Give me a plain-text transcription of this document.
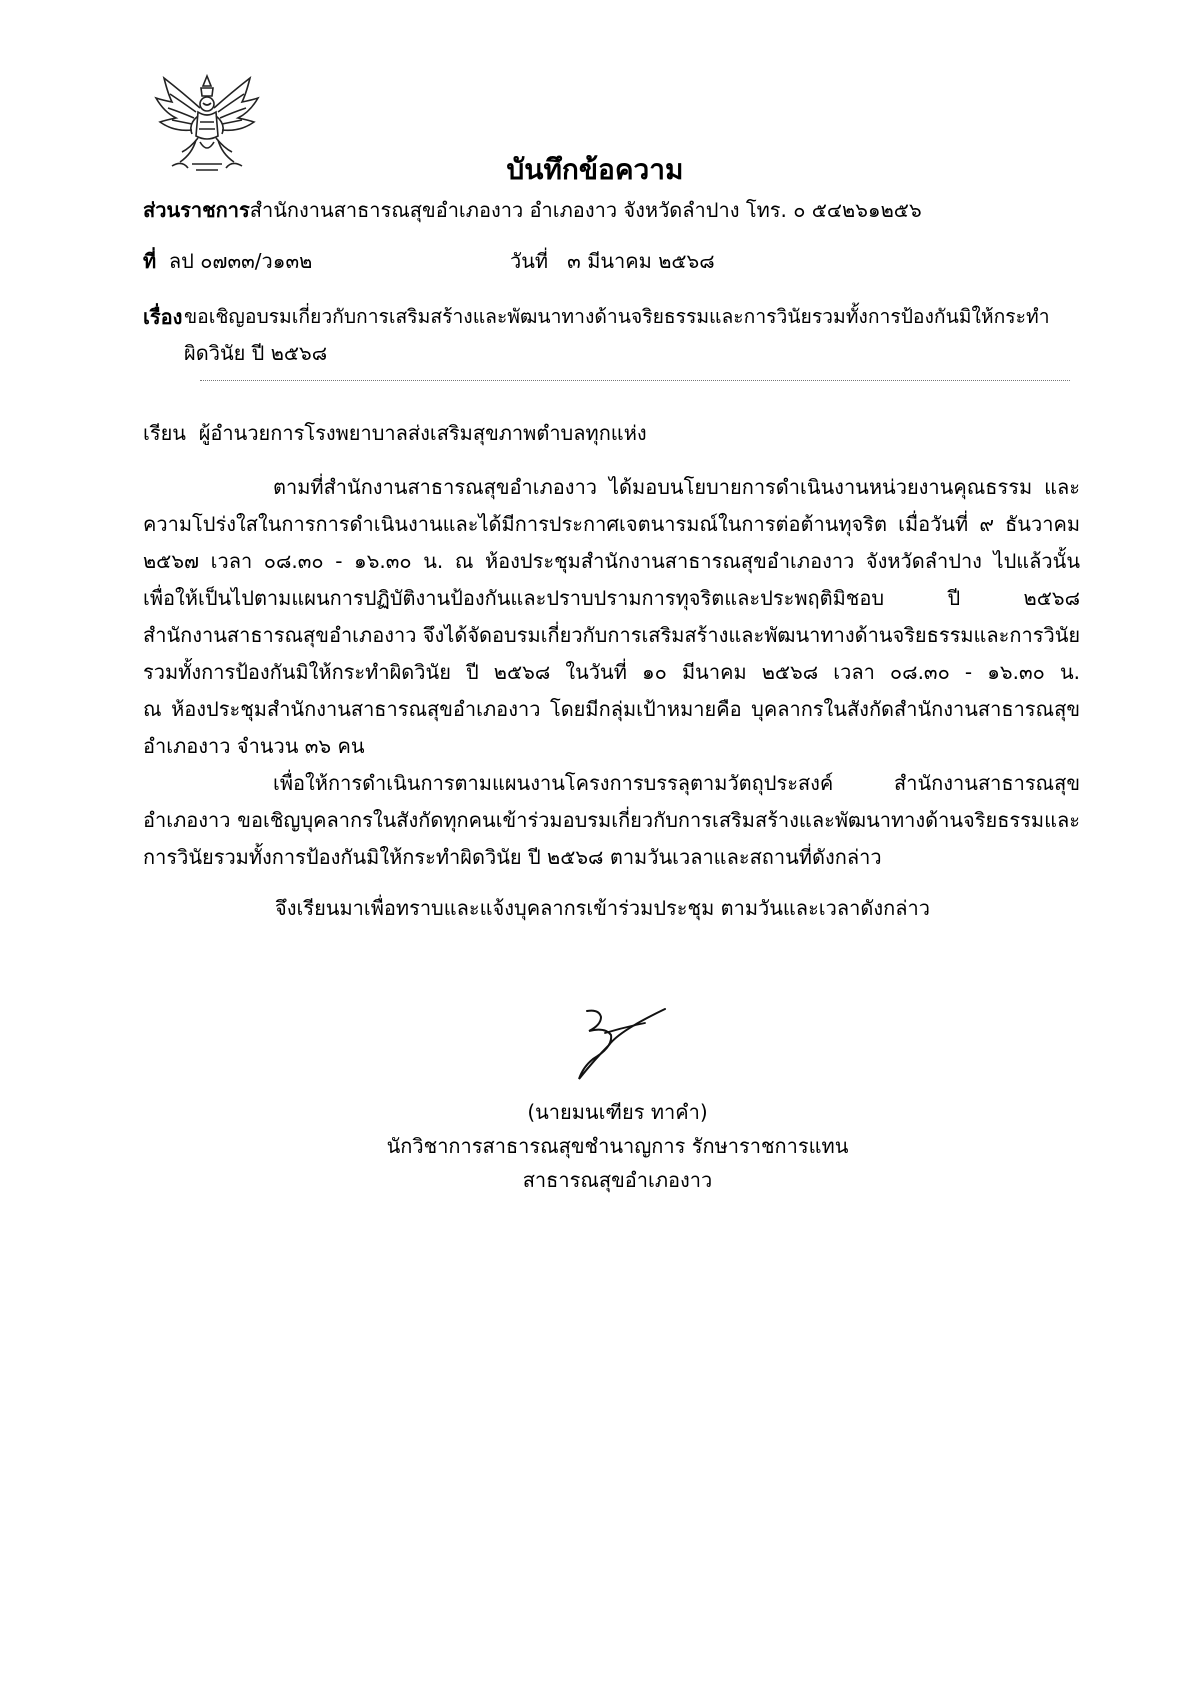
บันทึกข้อความ
ส่วนราชการสำนักงานสาธารณสุขอำเภองาว อำเภองาว จังหวัดลำปาง โทร. ๐ ๕๔๒๖๑๒๕๖
ที่ ลป ๐๗๓๓/ว๑๓๒	วันที่ ๓ มีนาคม ๒๕๖๘
เรื่อง ขอเชิญอบรมเกี่ยวกับการเสริมสร้างและพัฒนาทางด้านจริยธรรมและการวินัยรวมทั้งการป้องกันมิให้กระทำ
ผิดวินัย ปี ๒๕๖๘
เรียน ผู้อำนวยการโรงพยาบาลส่งเสริมสุขภาพตำบลทุกแห่ง
ตามที่สำนักงานสาธารณสุขอำเภองาว ได้มอบนโยบายการดำเนินงานหน่วยงานคุณธรรม และ
ความโปร่งใสในการการดำเนินงานและได้มีการประกาศเจตนารมณ์ในการต่อต้านทุจริต เมื่อวันที่ ๙ ธันวาคม
๒๕๖๗ เวลา ๐๘.๓๐ - ๑๖.๓๐ น. ณ ห้องประชุมสำนักงานสาธารณสุขอำเภองาว จังหวัดลำปาง ไปแล้วนั้น
เพื่อให้เป็นไปตามแผนการปฏิบัติงานป้องกันและปราบปรามการทุจริตและประพฤติมิชอบ ปี ๒๕๖๘
สำนักงานสาธารณสุขอำเภองาว จึงได้จัดอบรมเกี่ยวกับการเสริมสร้างและพัฒนาทางด้านจริยธรรมและการวินัย
รวมทั้งการป้องกันมิให้กระทำผิดวินัย ปี ๒๕๖๘ ในวันที่ ๑๐ มีนาคม ๒๕๖๘ เวลา ๐๘.๓๐ - ๑๖.๓๐ น.
ณ ห้องประชุมสำนักงานสาธารณสุขอำเภองาว โดยมีกลุ่มเป้าหมายคือ บุคลากรในสังกัดสำนักงานสาธารณสุข
อำเภองาว จำนวน ๓๖ คน
เพื่อให้การดำเนินการตามแผนงานโครงการบรรลุตามวัตถุประสงค์ สำนักงานสาธารณสุข
อำเภองาว ขอเชิญบุคลากรในสังกัดทุกคนเข้าร่วมอบรมเกี่ยวกับการเสริมสร้างและพัฒนาทางด้านจริยธรรมและ
การวินัยรวมทั้งการป้องกันมิให้กระทำผิดวินัย ปี ๒๕๖๘ ตามวันเวลาและสถานที่ดังกล่าว
จึงเรียนมาเพื่อทราบและแจ้งบุคลากรเข้าร่วมประชุม ตามวันและเวลาดังกล่าว
(นายมนเฑียร ทาคำ)
นักวิชาการสาธารณสุขชำนาญการ รักษาราชการแทน
สาธารณสุขอำเภองาว
